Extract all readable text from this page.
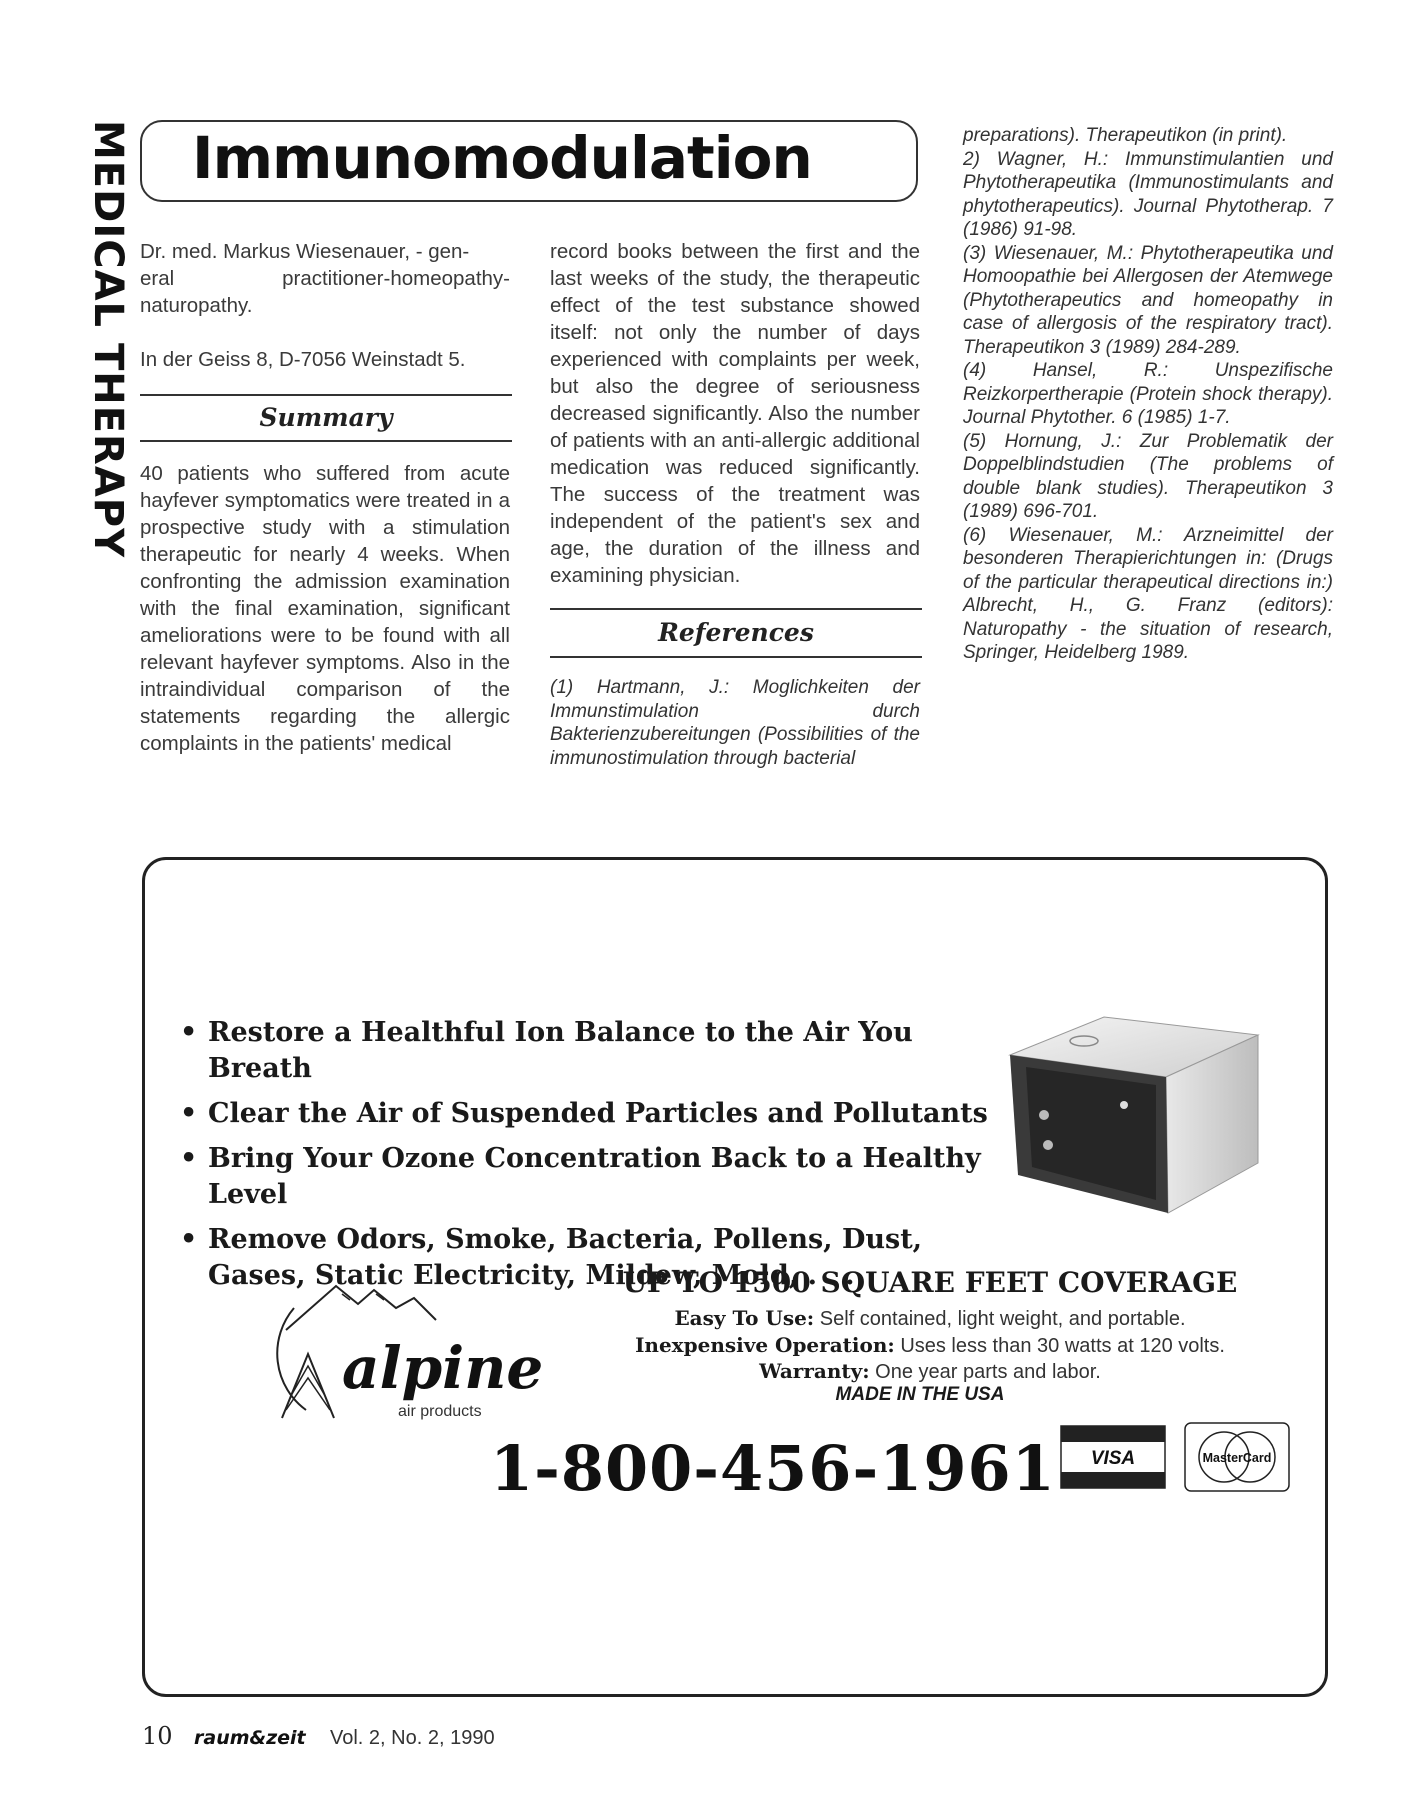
MEDICAL THERAPY Immunomodulation
Dr. med. Markus Wiesenauer, - gen-
eral practitioner-homeopathy-
naturopathy.
In der Geiss 8, D-7056 Weinstadt 5.
Summary

40 patients who suffered from acute hayfever symptomatics were treated in a prospective study with a stimulation therapeutic for nearly 4 weeks. When confronting the admission examination with the final examination, significant ameliorations were to be found with all relevant hayfever symptoms. Also in the intraindividual comparison of the statements regarding the allergic complaints in the patients' medical

record books between the first and the last weeks of the study, the therapeutic effect of the test substance showed itself: not only the number of days experienced with complaints per week, but also the degree of seriousness decreased significantly. Also the number of patients with an anti-allergic additional medication was reduced significantly. The success of the treatment was independent of the patient's sex and age, the duration of the illness and examining physician.

References

(1) Hartmann, J.: Moglichkeiten der Immunstimulation durch Bakterienzubereitungen (Possibilities of the immunostimulation through bacterial

preparations). Therapeutikon (in print).

2) Wagner, H.: Immunstimulantien und Phytotherapeutika (Immunostimulants and phytotherapeutics). Journal Phytotherap. 7 (1986) 91-98.

(3) Wiesenauer, M.: Phytotherapeutika und Homoopathie bei Allergosen der Atemwege (Phytotherapeutics and homeopathy in case of allergosis of the respiratory tract). Therapeutikon 3 (1989) 284-289.

(4) Hansel, R.: Unspezifische Reizkorpertherapie (Protein shock therapy). Journal Phytother. 6 (1985) 1-7.

(5) Hornung, J.: Zur Problematik der Doppelblindstudien (The problems of double blank studies). Therapeutikon 3 (1989) 696-701.

(6) Wiesenauer, M.: Arzneimittel der besonderen Therapierichtungen in: (Drugs of the particular therapeutical directions in:) Albrecht, H., G. Franz (editors): Naturopathy - the situation of research, Springer, Heidelberg 1989.

• Restore a Healthful Ion Balance to the Air You Breath
• Clear the Air of Suspended Particles and Pollutants
• Bring Your Ozone Concentration Back to a Healthy Level
• Remove Odors, Smoke, Bacteria, Pollens, Dust, Gases, Static Electricity, Mildew, Mold, . . .
UP TO 1500 SQUARE FEET COVERAGE
Easy To Use: Self contained, light weight, and portable.
Inexpensive Operation: Uses less than 30 watts at 120 volts.
Warranty: One year parts and labor.
MADE IN THE USA
alpine
air products
1-800-456-1961 VISA	MasterCard
10 raum&zeit Vol. 2, No. 2, 1990
